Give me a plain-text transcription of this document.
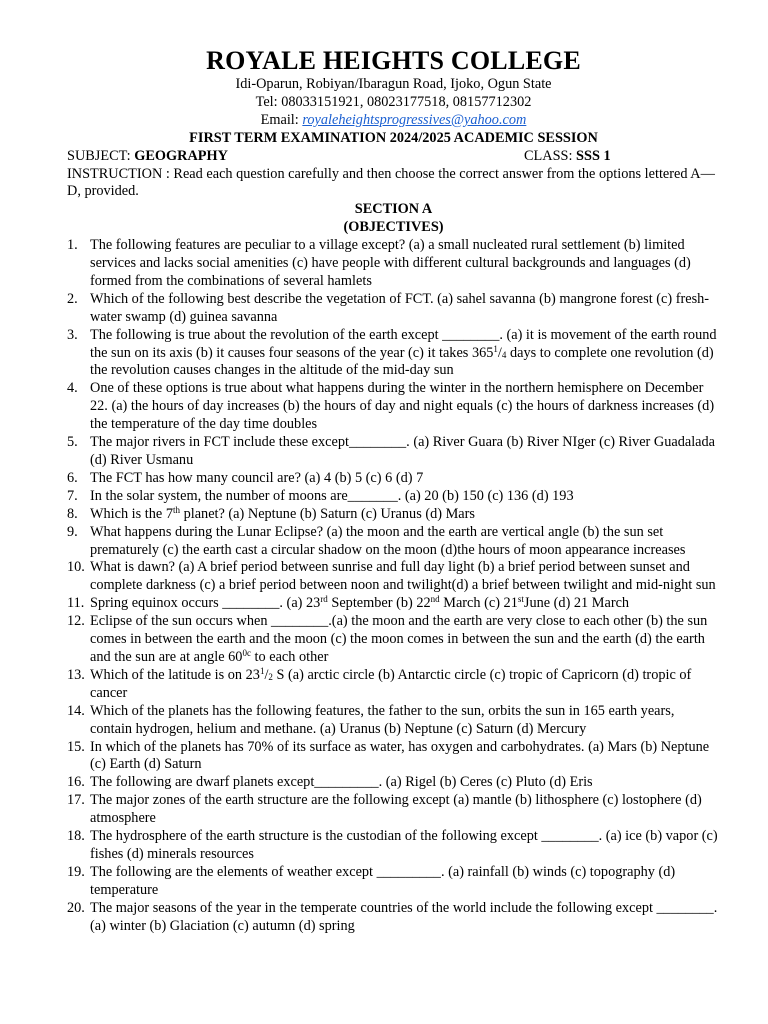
ROYALE HEIGHTS COLLEGE
Idi-Oparun, Robiyan/Ibaragun Road, Ijoko, Ogun State
Tel: 08033151921, 08023177518, 08157712302
Email: royaleheightsprogressives@yahoo.com
FIRST TERM EXAMINATION 2024/2025 ACADEMIC SESSION
SUBJECT: GEOGRAPHY	CLASS: SSS 1

INSTRUCTION : Read each question carefully and then choose the correct answer from the options lettered A—D, provided.

SECTION A
(OBJECTIVES)
1. The following features are peculiar to a village except? (a) a small nucleated rural settlement (b) limited services and lacks social amenities (c) have people with different cultural backgrounds and languages (d) formed from the combinations of several hamlets
2. Which of the following best describe the vegetation of FCT. (a) sahel savanna (b) mangrone forest (c) fresh-water swamp (d) guinea savanna
3. The following is true about the revolution of the earth except ________. (a) it is movement of the earth round the sun on its axis (b) it causes four seasons of the year (c) it takes $365^1/_4$ days to complete one revolution (d) the revolution causes changes in the altitude of the mid-day sun
4. One of these options is true about what happens during the winter in the northern hemisphere on December 22. (a) the hours of day increases (b) the hours of day and night equals (c) the hours of darkness increases (d) the temperature of the day time doubles
5. The major rivers in FCT include these except________. (a) River Guara (b) River NIger (c) River Guadalada (d) River Usmanu
6. The FCT has how many council are? (a) 4 (b) 5 (c) 6 (d) 7
7. In the solar system, the number of moons are_______. (a) 20 (b) 150 (c) 136 (d) 193
8. Which is the 7th planet? (a) Neptune (b) Saturn (c) Uranus (d) Mars
9. What happens during the Lunar Eclipse? (a) the moon and the earth are vertical angle (b) the sun set prematurely (c) the earth cast a circular shadow on the moon (d)the hours of moon appearance increases
10. What is dawn? (a) A brief period between sunrise and full day light (b) a brief period between sunset and complete darkness (c) a brief period between noon and twilight(d) a brief between twilight and mid-night sun
11. Spring equinox occurs ________. (a) 23rd September (b) 22nd March (c) 21stJune (d) 21 March
12. Eclipse of the sun occurs when ________.(a) the moon and the earth are very close to each other (b) the sun comes in between the earth and the moon (c) the moon comes in between the sun and the earth (d) the earth and the sun are at angle $60^{0c}$ to each other
13. Which of the latitude is on $23^1/_2$ S (a) arctic circle (b) Antarctic circle (c) tropic of Capricorn (d) tropic of cancer
14. Which of the planets has the following features, the father to the sun, orbits the sun in 165 earth years, contain hydrogen, helium and methane. (a) Uranus (b) Neptune (c) Saturn (d) Mercury
15. In which of the planets has 70% of its surface as water, has oxygen and carbohydrates. (a) Mars (b) Neptune (c) Earth (d) Saturn
16. The following are dwarf planets except_________. (a) Rigel (b) Ceres (c) Pluto (d) Eris
17. The major zones of the earth structure are the following except (a) mantle (b) lithosphere (c) lostophere (d) atmosphere
18. The hydrosphere of the earth structure is the custodian of the following except ________. (a) ice (b) vapor (c) fishes (d) minerals resources
19. The following are the elements of weather except _________. (a) rainfall (b) winds (c) topography (d) temperature
20. The major seasons of the year in the temperate countries of the world include the following except ________. (a) winter (b) Glaciation (c) autumn (d) spring
